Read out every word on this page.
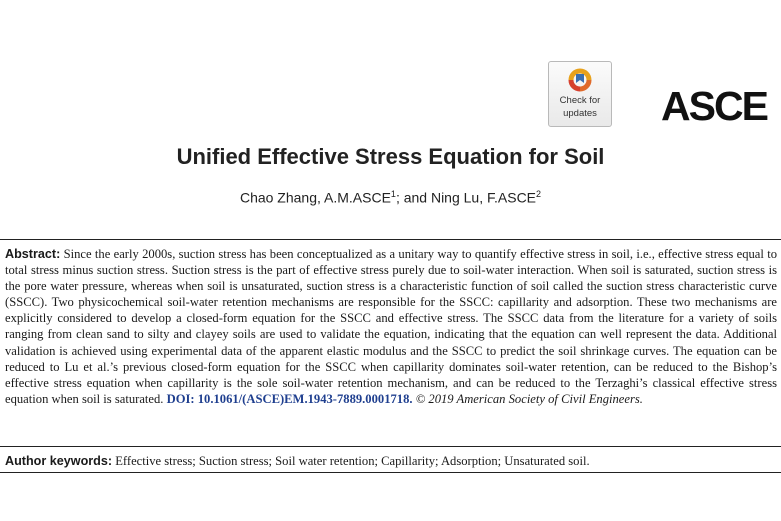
Check for
updates	ASCE
Unified Effective Stress Equation for Soil
Chao Zhang, A.M.ASCE$^1$; and Ning Lu, F.ASCE$^2$
Abstract: Since the early 2000s, suction stress has been conceptualized as a unitary way to quantify effective stress in soil, i.e., effective stress equal to total stress minus suction stress. Suction stress is the part of effective stress purely due to soil-water interaction. When soil is saturated, suction stress is the pore water pressure, whereas when soil is unsaturated, suction stress is a characteristic function of soil called the suction stress characteristic curve (SSCC). Two physicochemical soil-water retention mechanisms are responsible for the SSCC: capillarity and adsorption. These two mechanisms are explicitly considered to develop a closed-form equation for the SSCC and effective stress. The SSCC data from the literature for a variety of soils ranging from clean sand to silty and clayey soils are used to validate the equation, indicating that the equation can well represent the data. Additional validation is achieved using experimental data of the apparent elastic modulus and the SSCC to predict the soil shrinkage curves. The equation can be reduced to Lu et al.’s previous closed-form equation for the SSCC when capillarity dominates soil-water retention, can be reduced to the Bishop’s effective stress equation when capillarity is the sole soil-water retention mechanism, and can be reduced to the Terzaghi’s classical effective stress equation when soil is saturated. DOI: 10.1061/(ASCE)EM.1943-7889.0001718. © 2019 American Society of Civil Engineers.
Author keywords: Effective stress; Suction stress; Soil water retention; Capillarity; Adsorption; Unsaturated soil.
